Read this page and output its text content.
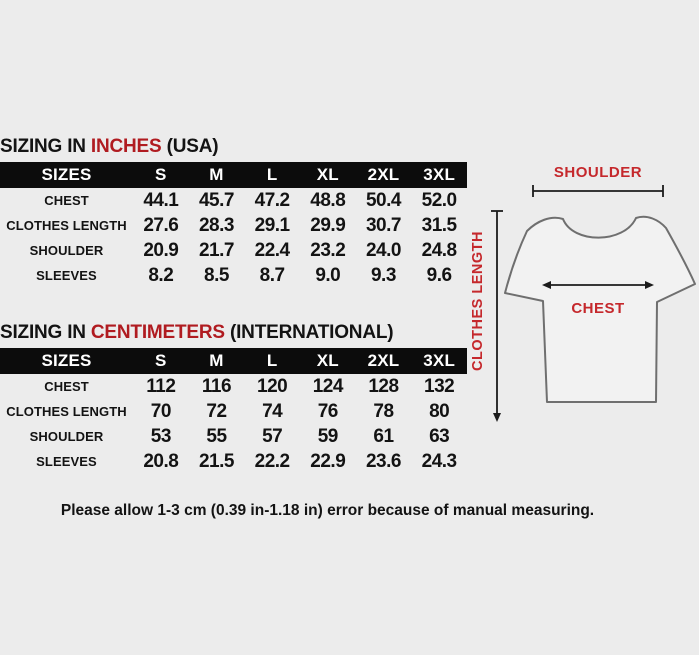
SIZING IN INCHES (USA)
SIZES	S	M	L	XL	2XL	3XL
CHEST	44.1	45.7	47.2	48.8	50.4	52.0
CLOTHES LENGTH	27.6	28.3	29.1	29.9	30.7	31.5
SHOULDER	20.9	21.7	22.4	23.2	24.0	24.8
SLEEVES	8.2	8.5	8.7	9.0	9.3	9.6
SIZING IN CENTIMETERS (INTERNATIONAL)
SIZES	S	M	L	XL	2XL	3XL
CHEST	112	116	120	124	128	132
CLOTHES LENGTH	70	72	74	76	78	80
SHOULDER	53	55	57	59	61	63
SLEEVES	20.8	21.5	22.2	22.9	23.6	24.3
SHOULDER
CLOTHES LENGTH	CHEST
Please allow 1-3 cm (0.39 in-1.18 in) error because of manual measuring.
